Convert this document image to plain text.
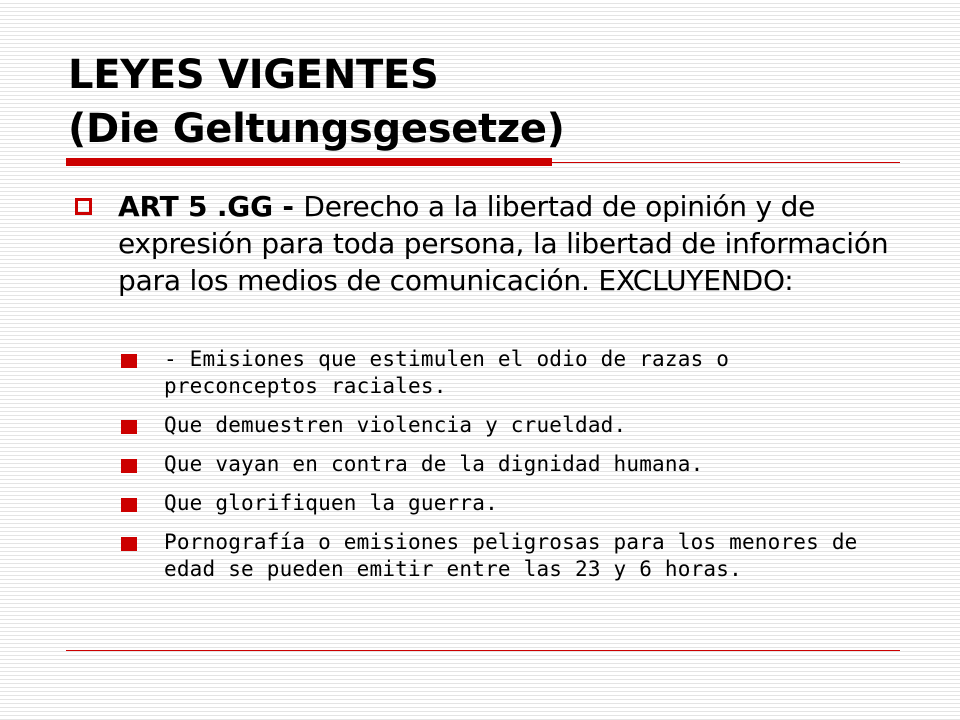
LEYES VIGENTES
(Die Geltungsgesetze)

ART 5 .GG - Derecho a la libertad de opinión y de expresión para toda persona, la libertad de información para los medios de comunicación. EXCLUYENDO:

- Emisiones que estimulen el odio de razas o preconceptos raciales.
Que demuestren violencia y crueldad.
Que vayan en contra de la dignidad humana.
Que glorifiquen la guerra.
Pornografía o emisiones peligrosas para los menores de edad se pueden emitir entre las 23 y 6 horas.
